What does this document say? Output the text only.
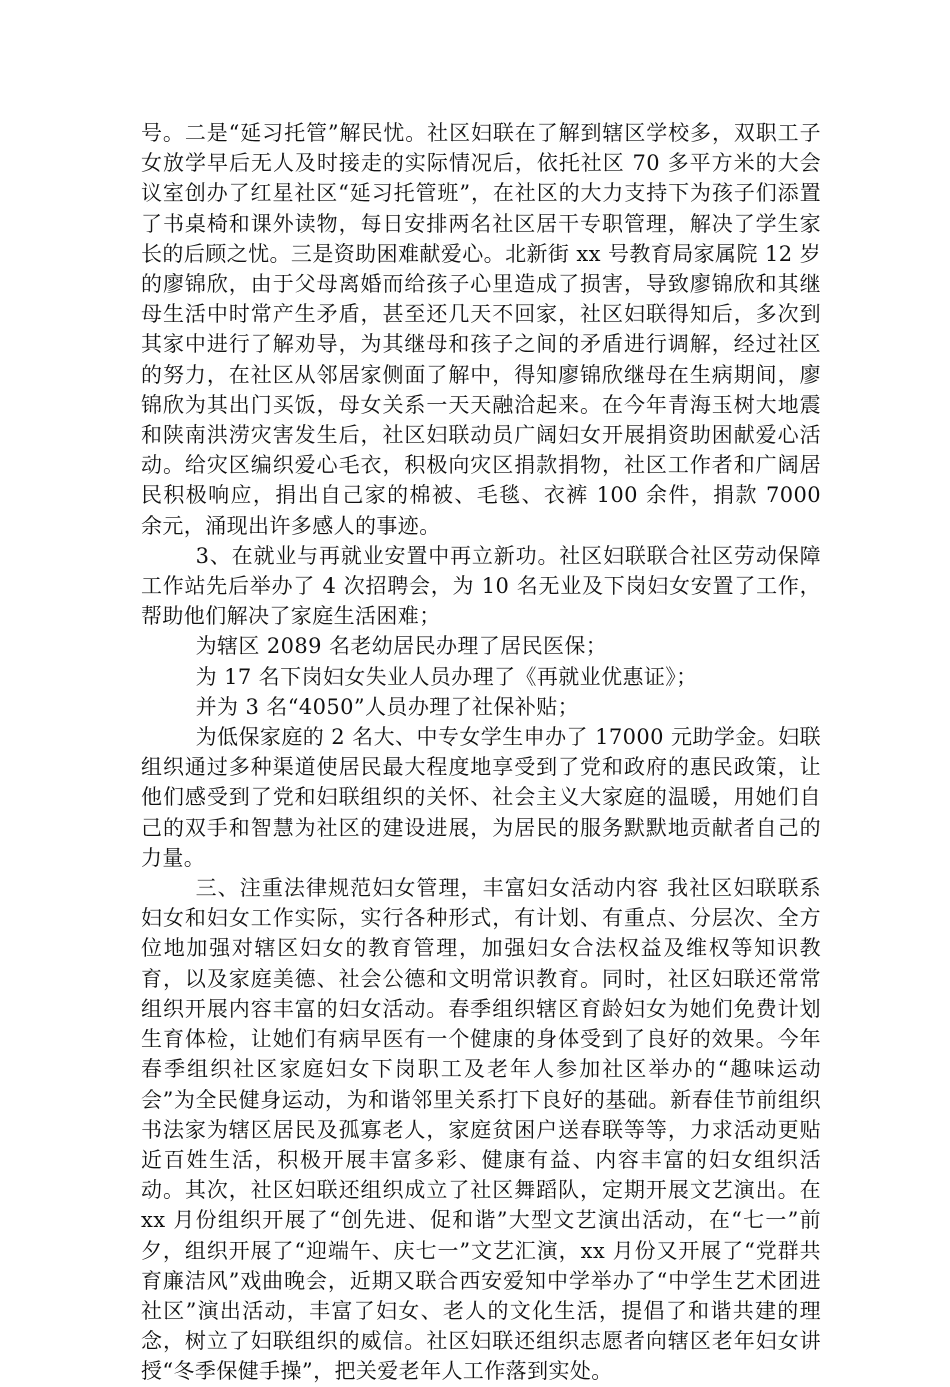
号。二是“延习托管”解民忧。社区妇联在了解到辖区学校多，双职工子女放学早后无人及时接走的实际情况后，依托社区 70 多平方米的大会议室创办了红星社区“延习托管班”，在社区的大力支持下为孩子们添置了书桌椅和课外读物，每日安排两名社区居干专职管理，解决了学生家长的后顾之忧。三是资助困难献爱心。北新街 xx 号教育局家属院 12 岁的廖锦欣，由于父母离婚而给孩子心里造成了损害，导致廖锦欣和其继母生活中时常产生矛盾，甚至还几天不回家，社区妇联得知后，多次到其家中进行了解劝导，为其继母和孩子之间的矛盾进行调解，经过社区的努力，在社区从邻居家侧面了解中，得知廖锦欣继母在生病期间，廖锦欣为其出门买饭，母女关系一天天融洽起来。在今年青海玉树大地震和陕南洪涝灾害发生后，社区妇联动员广阔妇女开展捐资助困献爱心活动。给灾区编织爱心毛衣，积极向灾区捐款捐物，社区工作者和广阔居民积极响应，捐出自己家的棉被、毛毯、衣裤 100 余件，捐款 7000 余元，涌现出许多感人的事迹。

3、在就业与再就业安置中再立新功。社区妇联联合社区劳动保障工作站先后举办了 4 次招聘会，为 10 名无业及下岗妇女安置了工作，帮助他们解决了家庭生活困难；

为辖区 2089 名老幼居民办理了居民医保；

为 17 名下岗妇女失业人员办理了《再就业优惠证》；

并为 3 名“4050”人员办理了社保补贴；

为低保家庭的 2 名大、中专女学生申办了 17000 元助学金。妇联组织通过多种渠道使居民最大程度地享受到了党和政府的惠民政策，让他们感受到了党和妇联组织的关怀、社会主义大家庭的温暖，用她们自己的双手和智慧为社区的建设进展，为居民的服务默默地贡献者自己的力量。

三、注重法律规范妇女管理，丰富妇女活动内容 我社区妇联联系妇女和妇女工作实际，实行各种形式，有计划、有重点、分层次、全方位地加强对辖区妇女的教育管理，加强妇女合法权益及维权等知识教育，以及家庭美德、社会公德和文明常识教育。同时，社区妇联还常常组织开展内容丰富的妇女活动。春季组织辖区育龄妇女为她们免费计划生育体检，让她们有病早医有一个健康的身体受到了良好的效果。今年春季组织社区家庭妇女下岗职工及老年人参加社区举办的“趣味运动会”为全民健身运动，为和谐邻里关系打下良好的基础。新春佳节前组织书法家为辖区居民及孤寡老人，家庭贫困户送春联等等，力求活动更贴近百姓生活，积极开展丰富多彩、健康有益、内容丰富的妇女组织活动。其次，社区妇联还组织成立了社区舞蹈队，定期开展文艺演出。在 xx 月份组织开展了“创先进、促和谐”大型文艺演出活动，在“七一”前夕，组织开展了“迎端午、庆七一”文艺汇演，xx 月份又开展了“党群共育廉洁风”戏曲晚会，近期又联合西安爱知中学举办了“中学生艺术团进社区”演出活动，丰富了妇女、老人的文化生活，提倡了和谐共建的理念，树立了妇联组织的威信。社区妇联还组织志愿者向辖区老年妇女讲授“冬季保健手操”，把关爱老年人工作落到实处。
